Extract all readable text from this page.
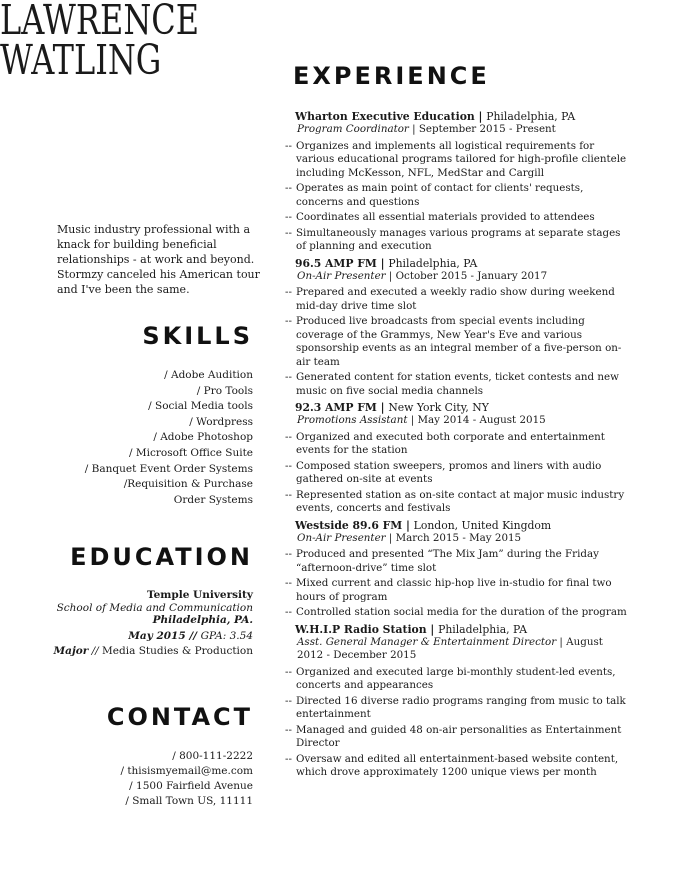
LAWRENCE
WATLING

Music industry professional with a knack for building beneficial relationships - at work and beyond. Stormzy canceled his American tour and I've been the same.

SKILLS
/ Adobe Audition
/ Pro Tools
/ Social Media tools
/ Wordpress
/ Adobe Photoshop
/ Microsoft Office Suite
/ Banquet Event Order Systems
/Requisition & Purchase
Order Systems
EDUCATION
Temple University
School of Media and Communication
Philadelphia, PA.
May 2015 // GPA: 3.54
Major // Media Studies & Production
CONTACT
/ 800-111-2222
/ thisismyemail@me.com
/ 1500 Fairfield Avenue
/ Small Town US, 11111
EXPERIENCE
Wharton Executive Education | Philadelphia, PA
Program Coordinator | September 2015 - Present
-- Organizes and implements all logistical requirements for various educational programs tailored for high-profile clientele including McKesson, NFL, MedStar and Cargill
-- Operates as main point of contact for clients' requests, concerns and questions
-- Coordinates all essential materials provided to attendees
-- Simultaneously manages various programs at separate stages of planning and execution
96.5 AMP FM | Philadelphia, PA
On-Air Presenter | October 2015 - January 2017
-- Prepared and executed a weekly radio show during weekend mid-day drive time slot
-- Produced live broadcasts from special events including coverage of the Grammys, New Year's Eve and various sponsorship events as an integral member of a five-person on-air team
-- Generated content for station events, ticket contests and new music on five social media channels
92.3 AMP FM | New York City, NY
Promotions Assistant | May 2014 - August 2015
-- Organized and executed both corporate and entertainment events for the station
-- Composed station sweepers, promos and liners with audio gathered on-site at events
-- Represented station as on-site contact at major music industry events, concerts and festivals
Westside 89.6 FM | London, United Kingdom
On-Air Presenter | March 2015 - May 2015
-- Produced and presented “The Mix Jam” during the Friday “afternoon-drive” time slot
-- Mixed current and classic hip-hop live in-studio for final two hours of program
-- Controlled station social media for the duration of the program
W.H.I.P Radio Station | Philadelphia, PA
Asst. General Manager & Entertainment Director | August 2012 - December 2015
-- Organized and executed large bi-monthly student-led events, concerts and appearances
-- Directed 16 diverse radio programs ranging from music to talk entertainment
-- Managed and guided 48 on-air personalities as Entertainment Director
-- Oversaw and edited all entertainment-based website content, which drove approximately 1200 unique views per month
